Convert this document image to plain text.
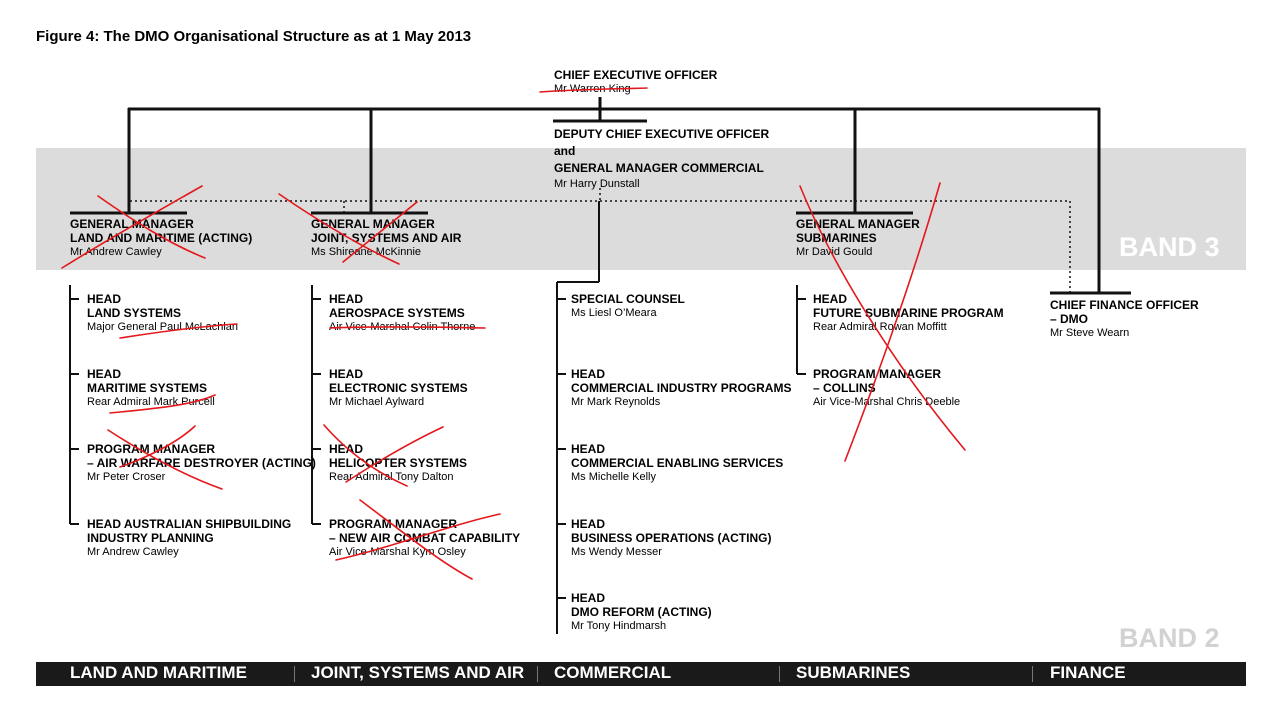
Figure 4: The DMO Organisational Structure as at 1 May 2013
BAND 3
BAND 2
CHIEF EXECUTIVE OFFICER
Mr Warren King
DEPUTY CHIEF EXECUTIVE OFFICER
and
GENERAL MANAGER COMMERCIAL
Mr Harry Dunstall
GENERAL MANAGER
LAND AND MARITIME (ACTING)
Mr Andrew Cawley
GENERAL MANAGER
JOINT, SYSTEMS AND AIR
Ms Shireane McKinnie
GENERAL MANAGER
SUBMARINES
Mr David Gould
CHIEF FINANCE OFFICER
– DMO
Mr Steve Wearn
HEAD
LAND SYSTEMS
Major General Paul McLachlan
HEAD
MARITIME SYSTEMS
Rear Admiral Mark Purcell
PROGRAM MANAGER
– AIR WARFARE DESTROYER (ACTING)
Mr Peter Croser
HEAD AUSTRALIAN SHIPBUILDING
INDUSTRY PLANNING
Mr Andrew Cawley
HEAD
AEROSPACE SYSTEMS
Air Vice-Marshal Colin Thorne
HEAD
ELECTRONIC SYSTEMS
Mr Michael Aylward
HEAD
HELICOPTER SYSTEMS
Rear Admiral Tony Dalton
PROGRAM MANAGER
– NEW AIR COMBAT CAPABILITY
Air Vice-Marshal Kym Osley
SPECIAL COUNSEL
Ms Liesl O’Meara
HEAD
COMMERCIAL INDUSTRY PROGRAMS
Mr Mark Reynolds
HEAD
COMMERCIAL ENABLING SERVICES
Ms Michelle Kelly
HEAD
BUSINESS OPERATIONS (ACTING)
Ms Wendy Messer
HEAD
DMO REFORM (ACTING)
Mr Tony Hindmarsh
HEAD
FUTURE SUBMARINE PROGRAM
Rear Admiral Rowan Moffitt
PROGRAM MANAGER
– COLLINS
Air Vice-Marshal Chris Deeble
LAND AND MARITIME	JOINT, SYSTEMS AND AIR COMMERCIAL	SUBMARINES	FINANCE
